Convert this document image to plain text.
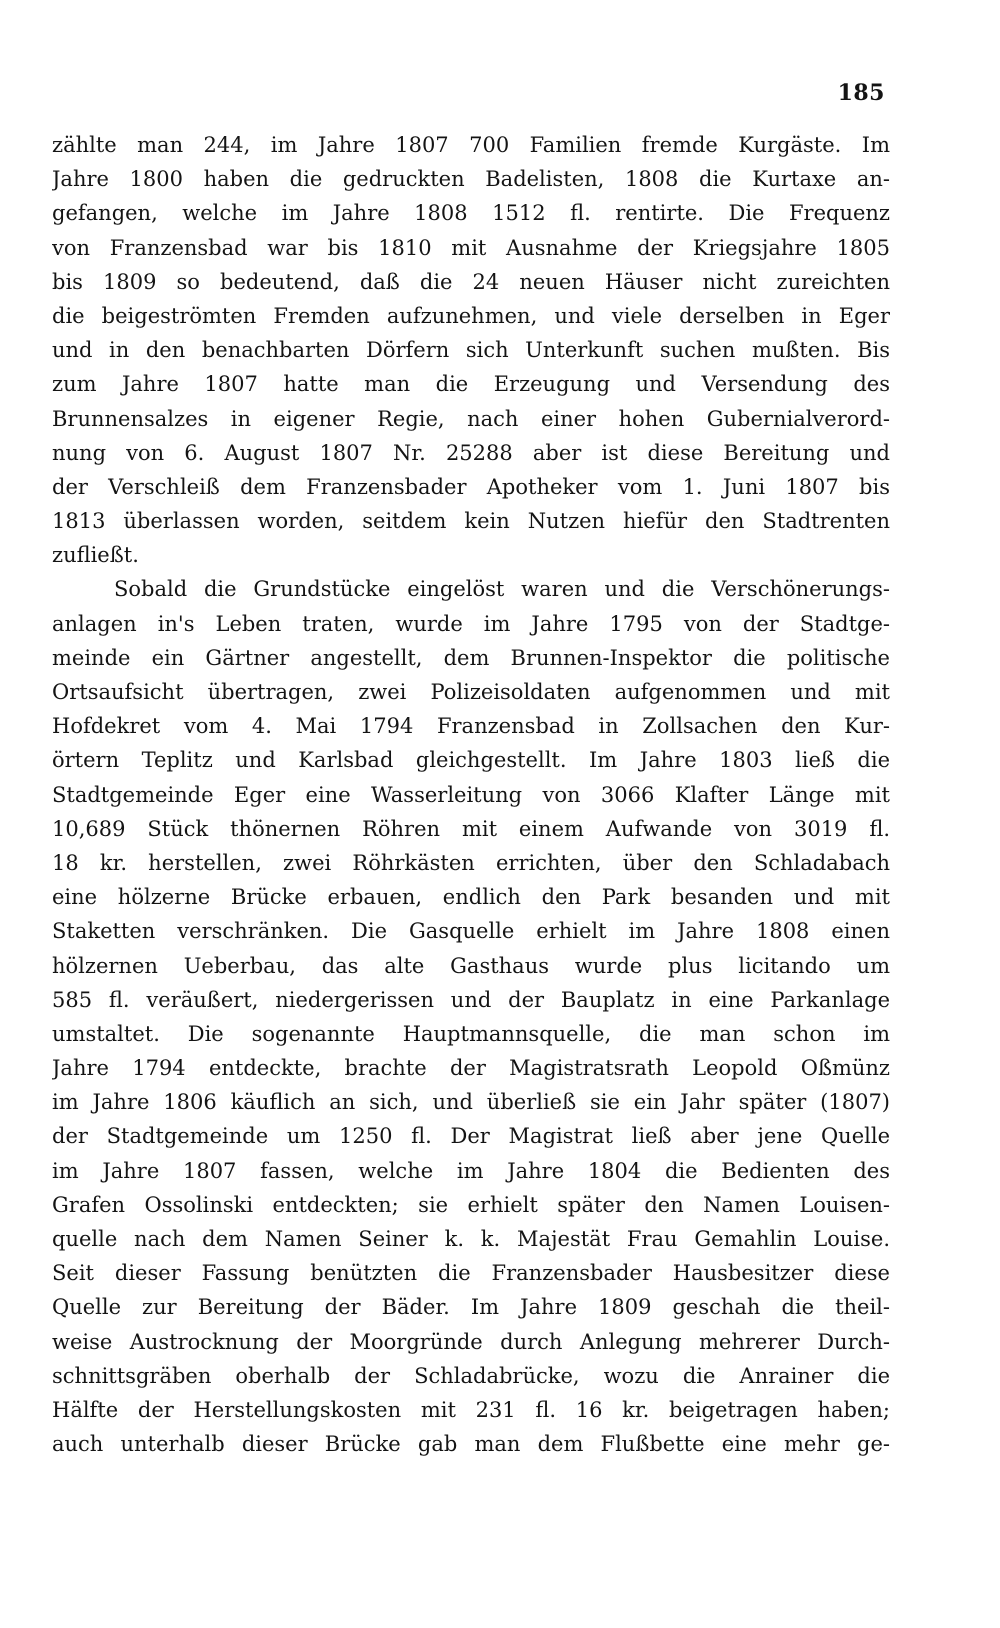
185
zählte man 244, im Jahre 1807 700 Familien fremde Kurgäste. Im
Jahre 1800 haben die gedruckten Badelisten, 1808 die Kurtaxe an-
gefangen, welche im Jahre 1808 1512 fl. rentirte. Die Frequenz
von Franzensbad war bis 1810 mit Ausnahme der Kriegsjahre 1805
bis 1809 so bedeutend, daß die 24 neuen Häuser nicht zureichten
die beigeströmten Fremden aufzunehmen, und viele derselben in Eger
und in den benachbarten Dörfern sich Unterkunft suchen mußten. Bis
zum Jahre 1807 hatte man die Erzeugung und Versendung des
Brunnensalzes in eigener Regie, nach einer hohen Gubernialverord-
nung von 6. August 1807 Nr. 25288 aber ist diese Bereitung und
der Verschleiß dem Franzensbader Apotheker vom 1. Juni 1807 bis
1813 überlassen worden, seitdem kein Nutzen hiefür den Stadtrenten
zufließt.
Sobald die Grundstücke eingelöst waren und die Verschönerungs-
anlagen in's Leben traten, wurde im Jahre 1795 von der Stadtge-
meinde ein Gärtner angestellt, dem Brunnen-Inspektor die politische
Ortsaufsicht übertragen, zwei Polizeisoldaten aufgenommen und mit
Hofdekret vom 4. Mai 1794 Franzensbad in Zollsachen den Kur-
örtern Teplitz und Karlsbad gleichgestellt. Im Jahre 1803 ließ die
Stadtgemeinde Eger eine Wasserleitung von 3066 Klafter Länge mit
10,689 Stück thönernen Röhren mit einem Aufwande von 3019 fl.
18 kr. herstellen, zwei Röhrkästen errichten, über den Schladabach
eine hölzerne Brücke erbauen, endlich den Park besanden und mit
Staketten verschränken. Die Gasquelle erhielt im Jahre 1808 einen
hölzernen Ueberbau, das alte Gasthaus wurde plus licitando um
585 fl. veräußert, niedergerissen und der Bauplatz in eine Parkanlage
umstaltet. Die sogenannte Hauptmannsquelle, die man schon im
Jahre 1794 entdeckte, brachte der Magistratsrath Leopold Oßmünz
im Jahre 1806 käuflich an sich, und überließ sie ein Jahr später (1807)
der Stadtgemeinde um 1250 fl. Der Magistrat ließ aber jene Quelle
im Jahre 1807 fassen, welche im Jahre 1804 die Bedienten des
Grafen Ossolinski entdeckten; sie erhielt später den Namen Louisen-
quelle nach dem Namen Seiner k. k. Majestät Frau Gemahlin Louise.
Seit dieser Fassung benützten die Franzensbader Hausbesitzer diese
Quelle zur Bereitung der Bäder. Im Jahre 1809 geschah die theil-
weise Austrocknung der Moorgründe durch Anlegung mehrerer Durch-
schnittsgräben oberhalb der Schladabrücke, wozu die Anrainer die
Hälfte der Herstellungskosten mit 231 fl. 16 kr. beigetragen haben;
auch unterhalb dieser Brücke gab man dem Flußbette eine mehr ge-
